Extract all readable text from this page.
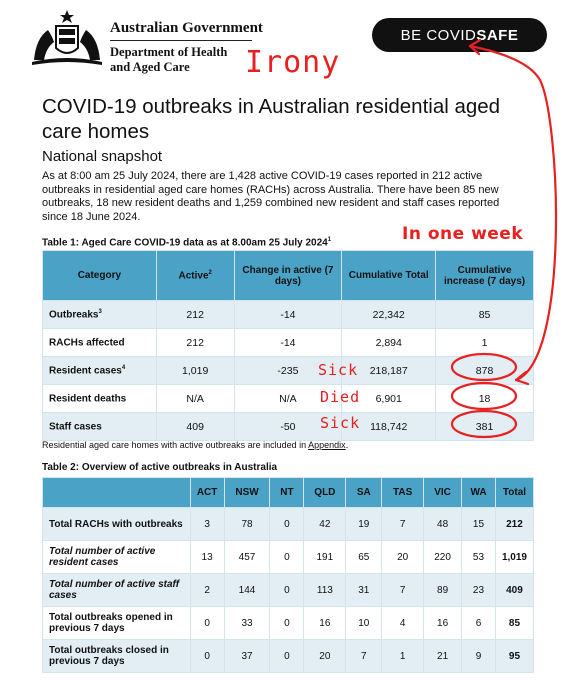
Australian Government
Department of Health
and Aged Care
BE COVID SAFE
Irony
COVID-19 outbreaks in Australian residential aged care homes
National snapshot
As at 8:00 am 25 July 2024, there are 1,428 active COVID-19 cases reported in 212 active outbreaks in residential aged care homes (RACHs) across Australia. There have been 85 new outbreaks, 18 new resident deaths and 1,259 combined new resident and staff cases reported since 18 June 2024.
Table 1: Aged Care COVID-19 data as at 8.00am 25 July 2024$^1$	In one week
Category	Active$^2$	Change in active (7 days)	Cumulative Total	Cumulative increase (7 days)
Outbreaks$^3$	212	-14	22,342	85
RACHs affected	212	-14	2,894	1
Resident cases$^4$	1,019	-235	218,187	878
Resident deaths	N/A	N/A	6,901	18
Staff cases	409	-50	118,742	381
Residential aged care homes with active outbreaks are included in Appendix.
Table 2: Overview of active outbreaks in Australia
	ACT	NSW	NT	QLD	SA	TAS	VIC	WA	Total
Total RACHs with outbreaks	3	78	0	42	19	7	48	15	212
Total number of active resident cases	13	457	0	191	65	20	220	53	1,019
Total number of active staff cases	2	144	0	113	31	7	89	23	409
Total outbreaks opened in previous 7 days	0	33	0	16	10	4	16	6	85
Total outbreaks closed in previous 7 days	0	37	0	20	7	1	21	9	95
Sick
Died
Sick
